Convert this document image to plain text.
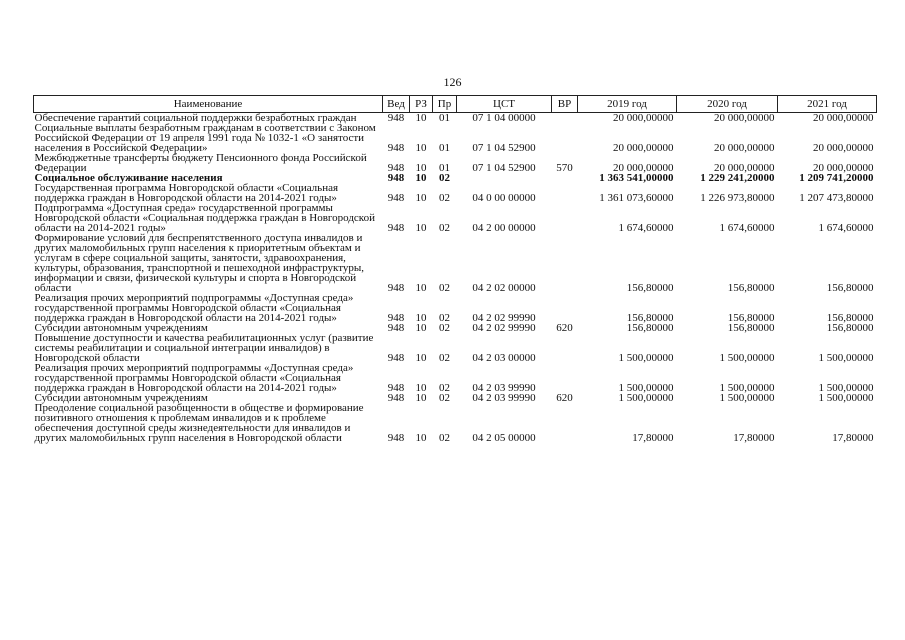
126
Наименование	Вед	РЗ	Пр	ЦСТ	ВР	2019 год	2020 год	2021 год
Обеспечение гарантий социальной поддержки безработных граждан	948	10	01	07 1 04 00000		20 000,00000	20 000,00000	20 000,00000
Социальные выплаты безработным гражданам в соответствии с Законом Российской Федерации от 19 апреля 1991 года № 1032-1 «О занятости населения в Российской Федерации»	948	10	01	07 1 04 52900		20 000,00000	20 000,00000	20 000,00000
Межбюджетные трансферты бюджету Пенсионного фонда Российской Федерации	948	10	01	07 1 04 52900	570	20 000,00000	20 000,00000	20 000,00000
Социальное обслуживание населения	948	10	02			1 363 541,00000	1 229 241,20000	1 209 741,20000
Государственная программа Новгородской области «Социальная поддержка граждан в Новгородской области на 2014-2021 годы»	948	10	02	04 0 00 00000		1 361 073,60000	1 226 973,80000	1 207 473,80000
Подпрограмма «Доступная среда» государственной программы Новгородской области «Социальная поддержка граждан в Новгородской области на 2014-2021 годы»	948	10	02	04 2 00 00000		1 674,60000	1 674,60000	1 674,60000
Формирование условий для беспрепятственного доступа инвалидов и других маломобильных групп населения к приоритетным объектам и услугам в сфере социальной защиты, занятости, здравоохранения, культуры, образования, транспортной и пешеходной инфраструктуры, информации и связи, физической культуры и спорта в Новгородской области	948	10	02	04 2 02 00000		156,80000	156,80000	156,80000
Реализация прочих мероприятий подпрограммы «Доступная среда» государственной программы Новгородской области «Социальная поддержка граждан в Новгородской области на 2014-2021 годы»	948	10	02	04 2 02 99990		156,80000	156,80000	156,80000
Субсидии автономным учреждениям	948	10	02	04 2 02 99990	620	156,80000	156,80000	156,80000
Повышение доступности и качества реабилитационных услуг (развитие системы реабилитации и социальной интеграции инвалидов) в Новгородской области	948	10	02	04 2 03 00000		1 500,00000	1 500,00000	1 500,00000
Реализация прочих мероприятий подпрограммы «Доступная среда» государственной программы Новгородской области «Социальная поддержка граждан в Новгородской области на 2014-2021 годы»	948	10	02	04 2 03 99990		1 500,00000	1 500,00000	1 500,00000
Субсидии автономным учреждениям	948	10	02	04 2 03 99990	620	1 500,00000	1 500,00000	1 500,00000
Преодоление социальной разобщенности в обществе и формирование позитивного отношения к проблемам инвалидов и к проблеме обеспечения доступной среды жизнедеятельности для инвалидов и других маломобильных групп населения в Новгородской области	948	10	02	04 2 05 00000		17,80000	17,80000	17,80000
